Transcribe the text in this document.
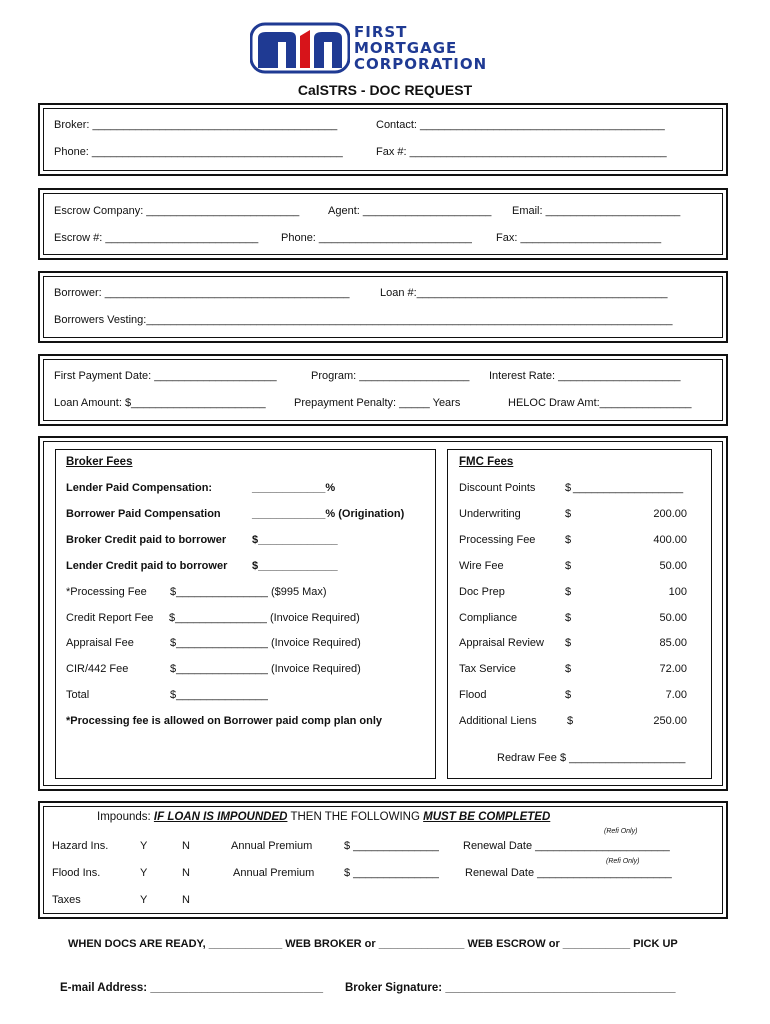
FIRST
MORTGAGE
CORPORATION
CalSTRS - DOC REQUEST
Broker: ________________________________________	Contact: ________________________________________
Phone: _________________________________________	Fax #: __________________________________________
Escrow Company: _________________________	Agent: _____________________ Email: ______________________
Escrow #: _________________________ Phone: _________________________ Fax: _______________________
Borrower: ________________________________________	Loan #:_________________________________________
Borrowers Vesting:______________________________________________________________________________________
First Payment Date: ____________________	Program: __________________ Interest Rate: ____________________
Loan Amount: $______________________	Prepayment Penalty: _____ Years	HELOC Draw Amt:_______________
Broker Fees	FMC Fees
Lender Paid Compensation:	____________%
Borrower Paid Compensation	____________% (Origination)
Broker Credit paid to borrower $_____________
Lender Credit paid to borrower $_____________
*Processing Fee $_______________ ($995 Max)
Credit Report Fee $_______________ (Invoice Required)
Appraisal Fee	$_______________ (Invoice Required)
CIR/442 Fee	$_______________ (Invoice Required)
Total	$_______________
Discount Points	$ __________________
Underwriting	$	200.00
Processing Fee	$	400.00
Wire Fee	$	50.00
Doc Prep	$	100
Compliance	$	50.00
Appraisal Review $	85.00
Tax Service	$	72.00
Flood	$	7.00
Additional Liens	$	250.00
*Processing fee is allowed on Borrower paid comp plan only
Redraw Fee $ ___________________
Impounds: IF LOAN IS IMPOUNDED THEN THE FOLLOWING MUST BE COMPLETED
(Refi Only)
(Refi Only)
Hazard Ins.	Y	N	Annual Premium	$ ______________ Renewal Date ______________________
Flood Ins.	Y	N	Annual Premium	$ ______________ Renewal Date ______________________
Taxes	Y	N
WHEN DOCS ARE READY, ____________ WEB BROKER or ______________ WEB ESCROW or ___________ PICK UP
E-mail Address: ___________________________ Broker Signature: ____________________________________
